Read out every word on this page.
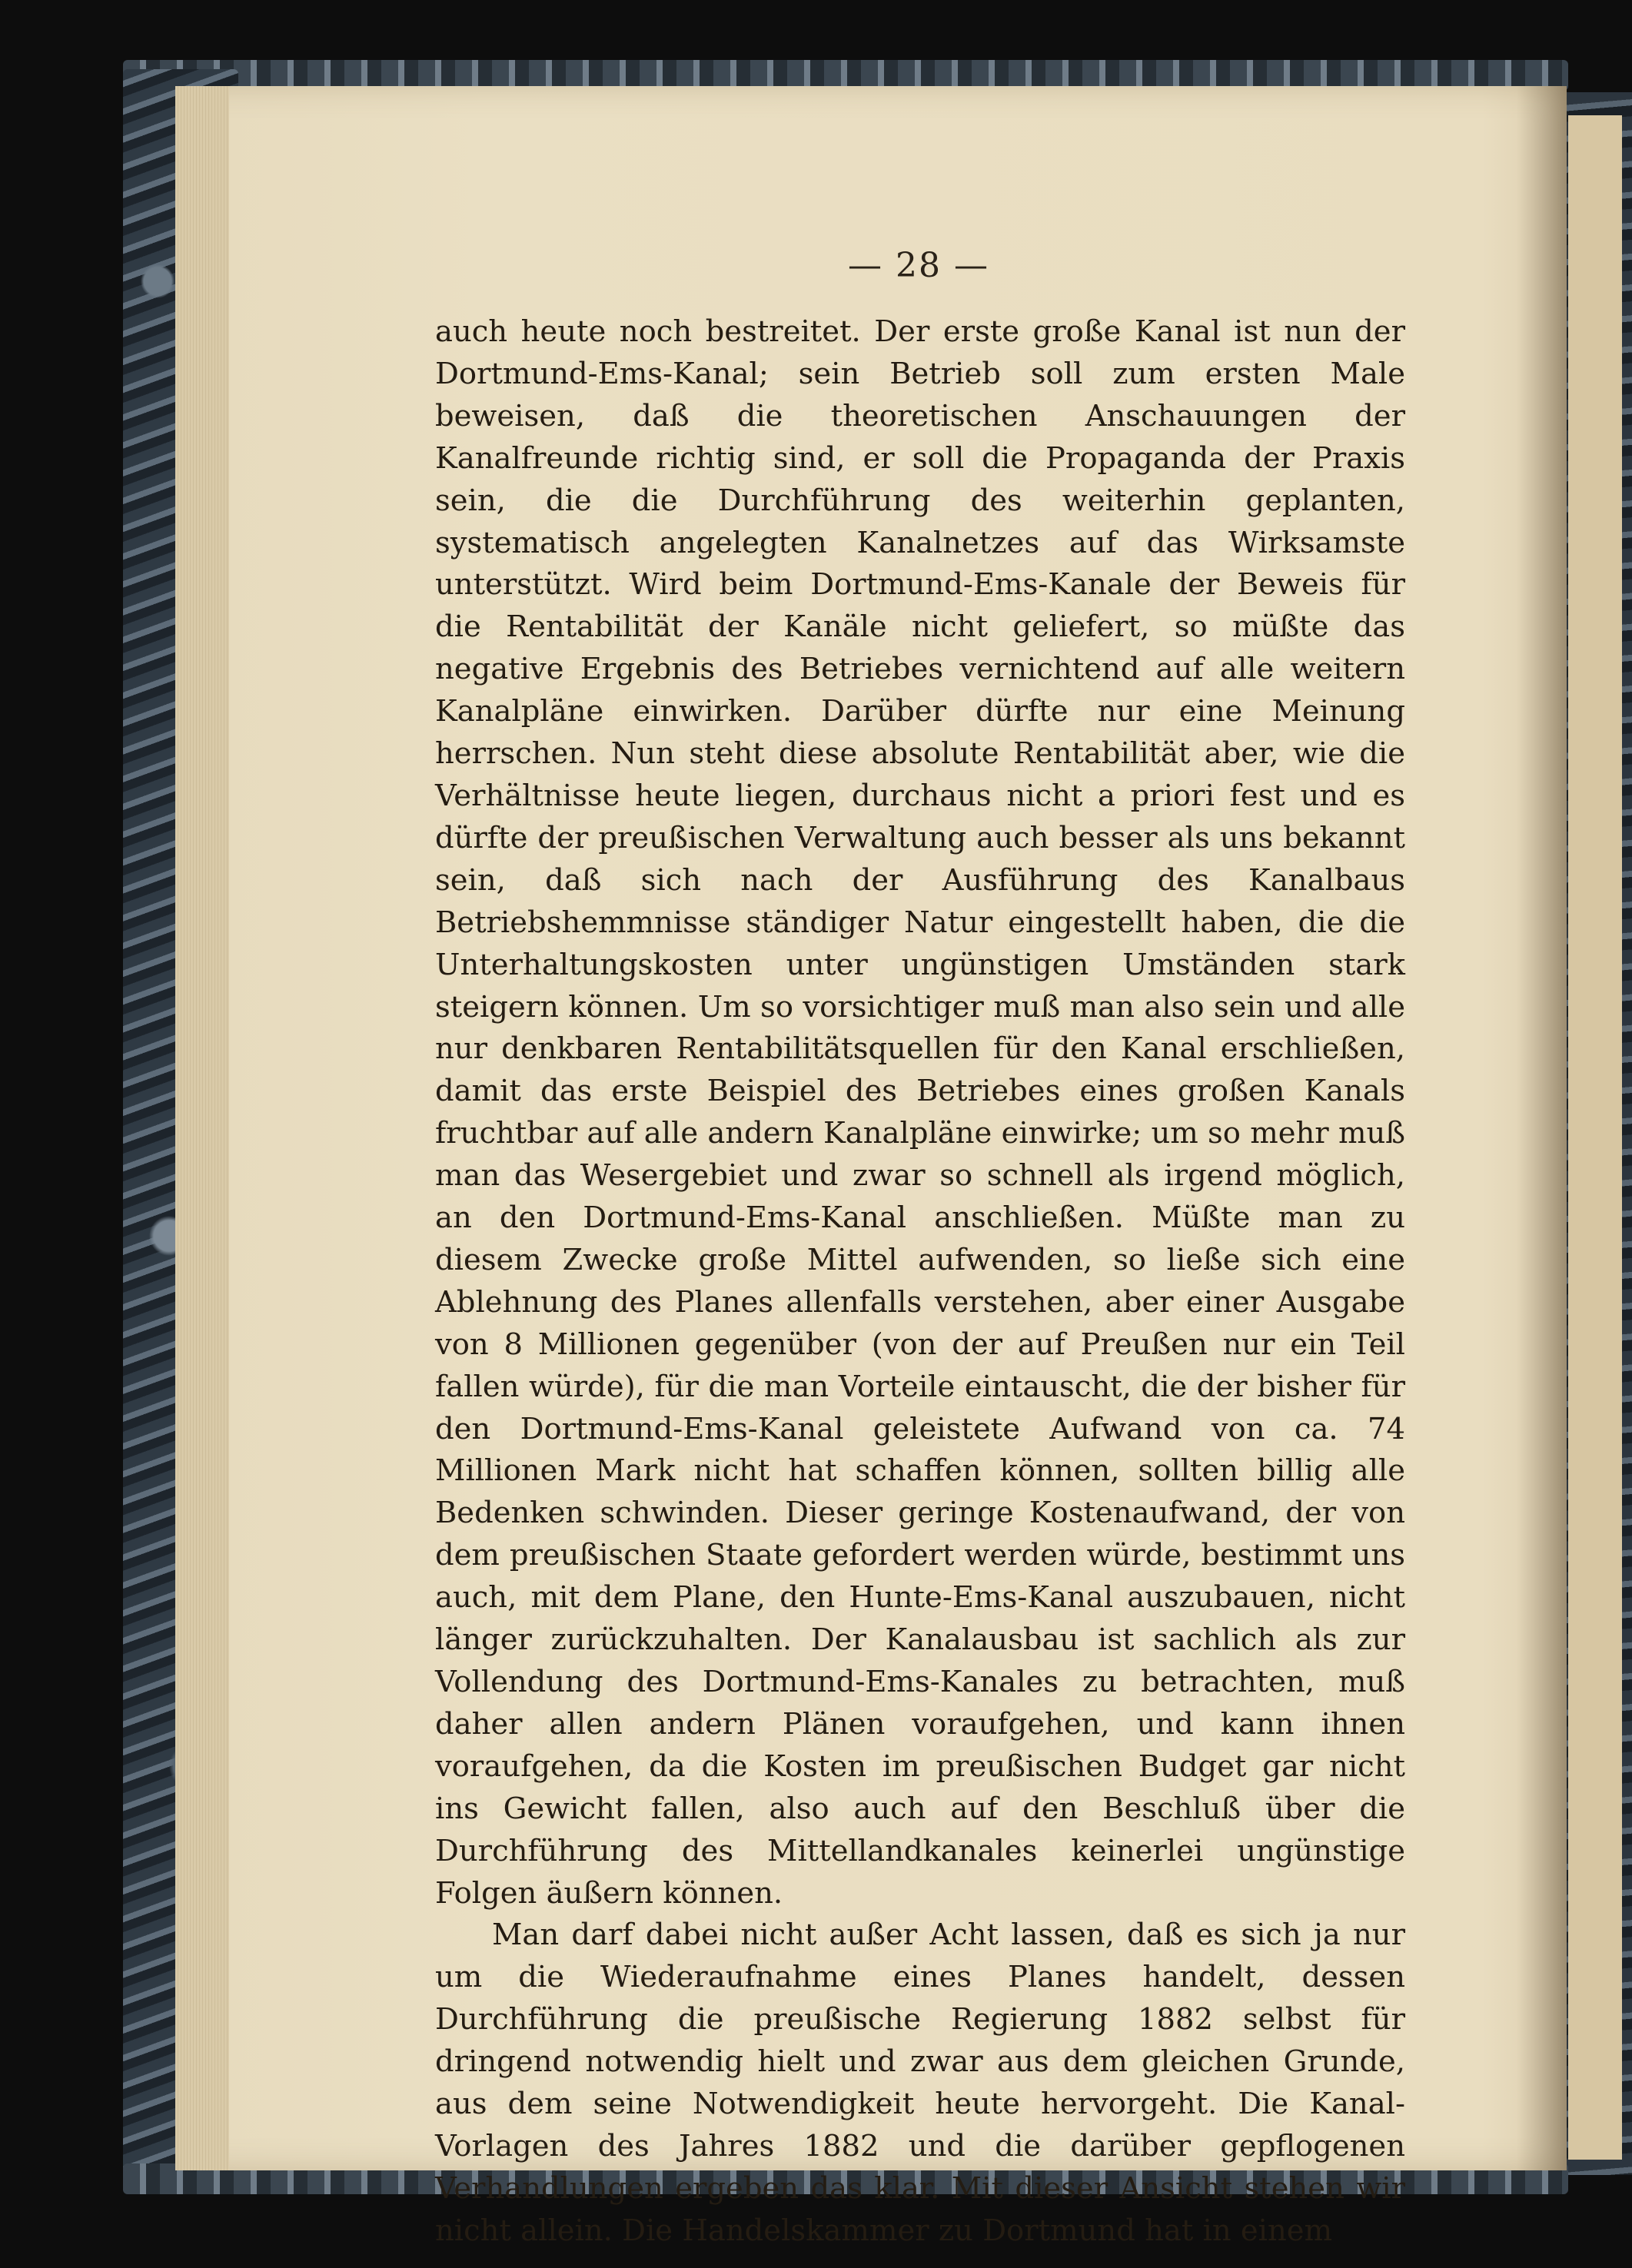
— 28 —

auch heute noch bestreitet. Der erste große Kanal ist nun der Dortmund-Ems-Kanal; sein Betrieb soll zum ersten Male beweisen, daß die theoretischen Anschauungen der Kanalfreunde richtig sind, er soll die Propaganda der Praxis sein, die die Durchführung des weiterhin geplanten, systematisch angelegten Kanalnetzes auf das Wirksamste unterstützt. Wird beim Dortmund-Ems-Kanale der Beweis für die Rentabilität der Kanäle nicht geliefert, so müßte das negative Ergebnis des Betriebes vernichtend auf alle weitern Kanalpläne einwirken. Darüber dürfte nur eine Meinung herrschen. Nun steht diese absolute Rentabilität aber, wie die Verhältnisse heute liegen, durchaus nicht a priori fest und es dürfte der preußischen Verwaltung auch besser als uns bekannt sein, daß sich nach der Ausführung des Kanalbaus Betriebshemmnisse ständiger Natur eingestellt haben, die die Unterhaltungskosten unter ungünstigen Umständen stark steigern können. Um so vorsichtiger muß man also sein und alle nur denkbaren Rentabilitätsquellen für den Kanal erschließen, damit das erste Beispiel des Betriebes eines großen Kanals fruchtbar auf alle andern Kanalpläne einwirke; um so mehr muß man das Wesergebiet und zwar so schnell als irgend möglich, an den Dortmund-Ems-Kanal anschließen. Müßte man zu diesem Zwecke große Mittel aufwenden, so ließe sich eine Ablehnung des Planes allenfalls verstehen, aber einer Ausgabe von 8 Millionen gegenüber (von der auf Preußen nur ein Teil fallen würde), für die man Vorteile eintauscht, die der bisher für den Dortmund-Ems-Kanal geleistete Aufwand von ca. 74 Millionen Mark nicht hat schaffen können, sollten billig alle Bedenken schwinden. Dieser geringe Kostenaufwand, der von dem preußischen Staate gefordert werden würde, bestimmt uns auch, mit dem Plane, den Hunte-Ems-Kanal auszubauen, nicht länger zurückzuhalten. Der Kanalausbau ist sachlich als zur Vollendung des Dortmund-Ems-Kanales zu betrachten, muß daher allen andern Plänen voraufgehen, und kann ihnen voraufgehen, da die Kosten im preußischen Budget gar nicht ins Gewicht fallen, also auch auf den Beschluß über die Durchführung des Mittellandkanales keinerlei ungünstige Folgen äußern können.

Man darf dabei nicht außer Acht lassen, daß es sich ja nur um die Wiederaufnahme eines Planes handelt, dessen Durchführung die preußische Regierung 1882 selbst für dringend notwendig hielt und zwar aus dem gleichen Grunde, aus dem seine Notwendigkeit heute hervorgeht. Die Kanal-Vorlagen des Jahres 1882 und die darüber gepflogenen Verhandlungen ergeben das klar. Mit dieser Ansicht stehen wir nicht allein. Die Handelskammer zu Dortmund hat in einem
